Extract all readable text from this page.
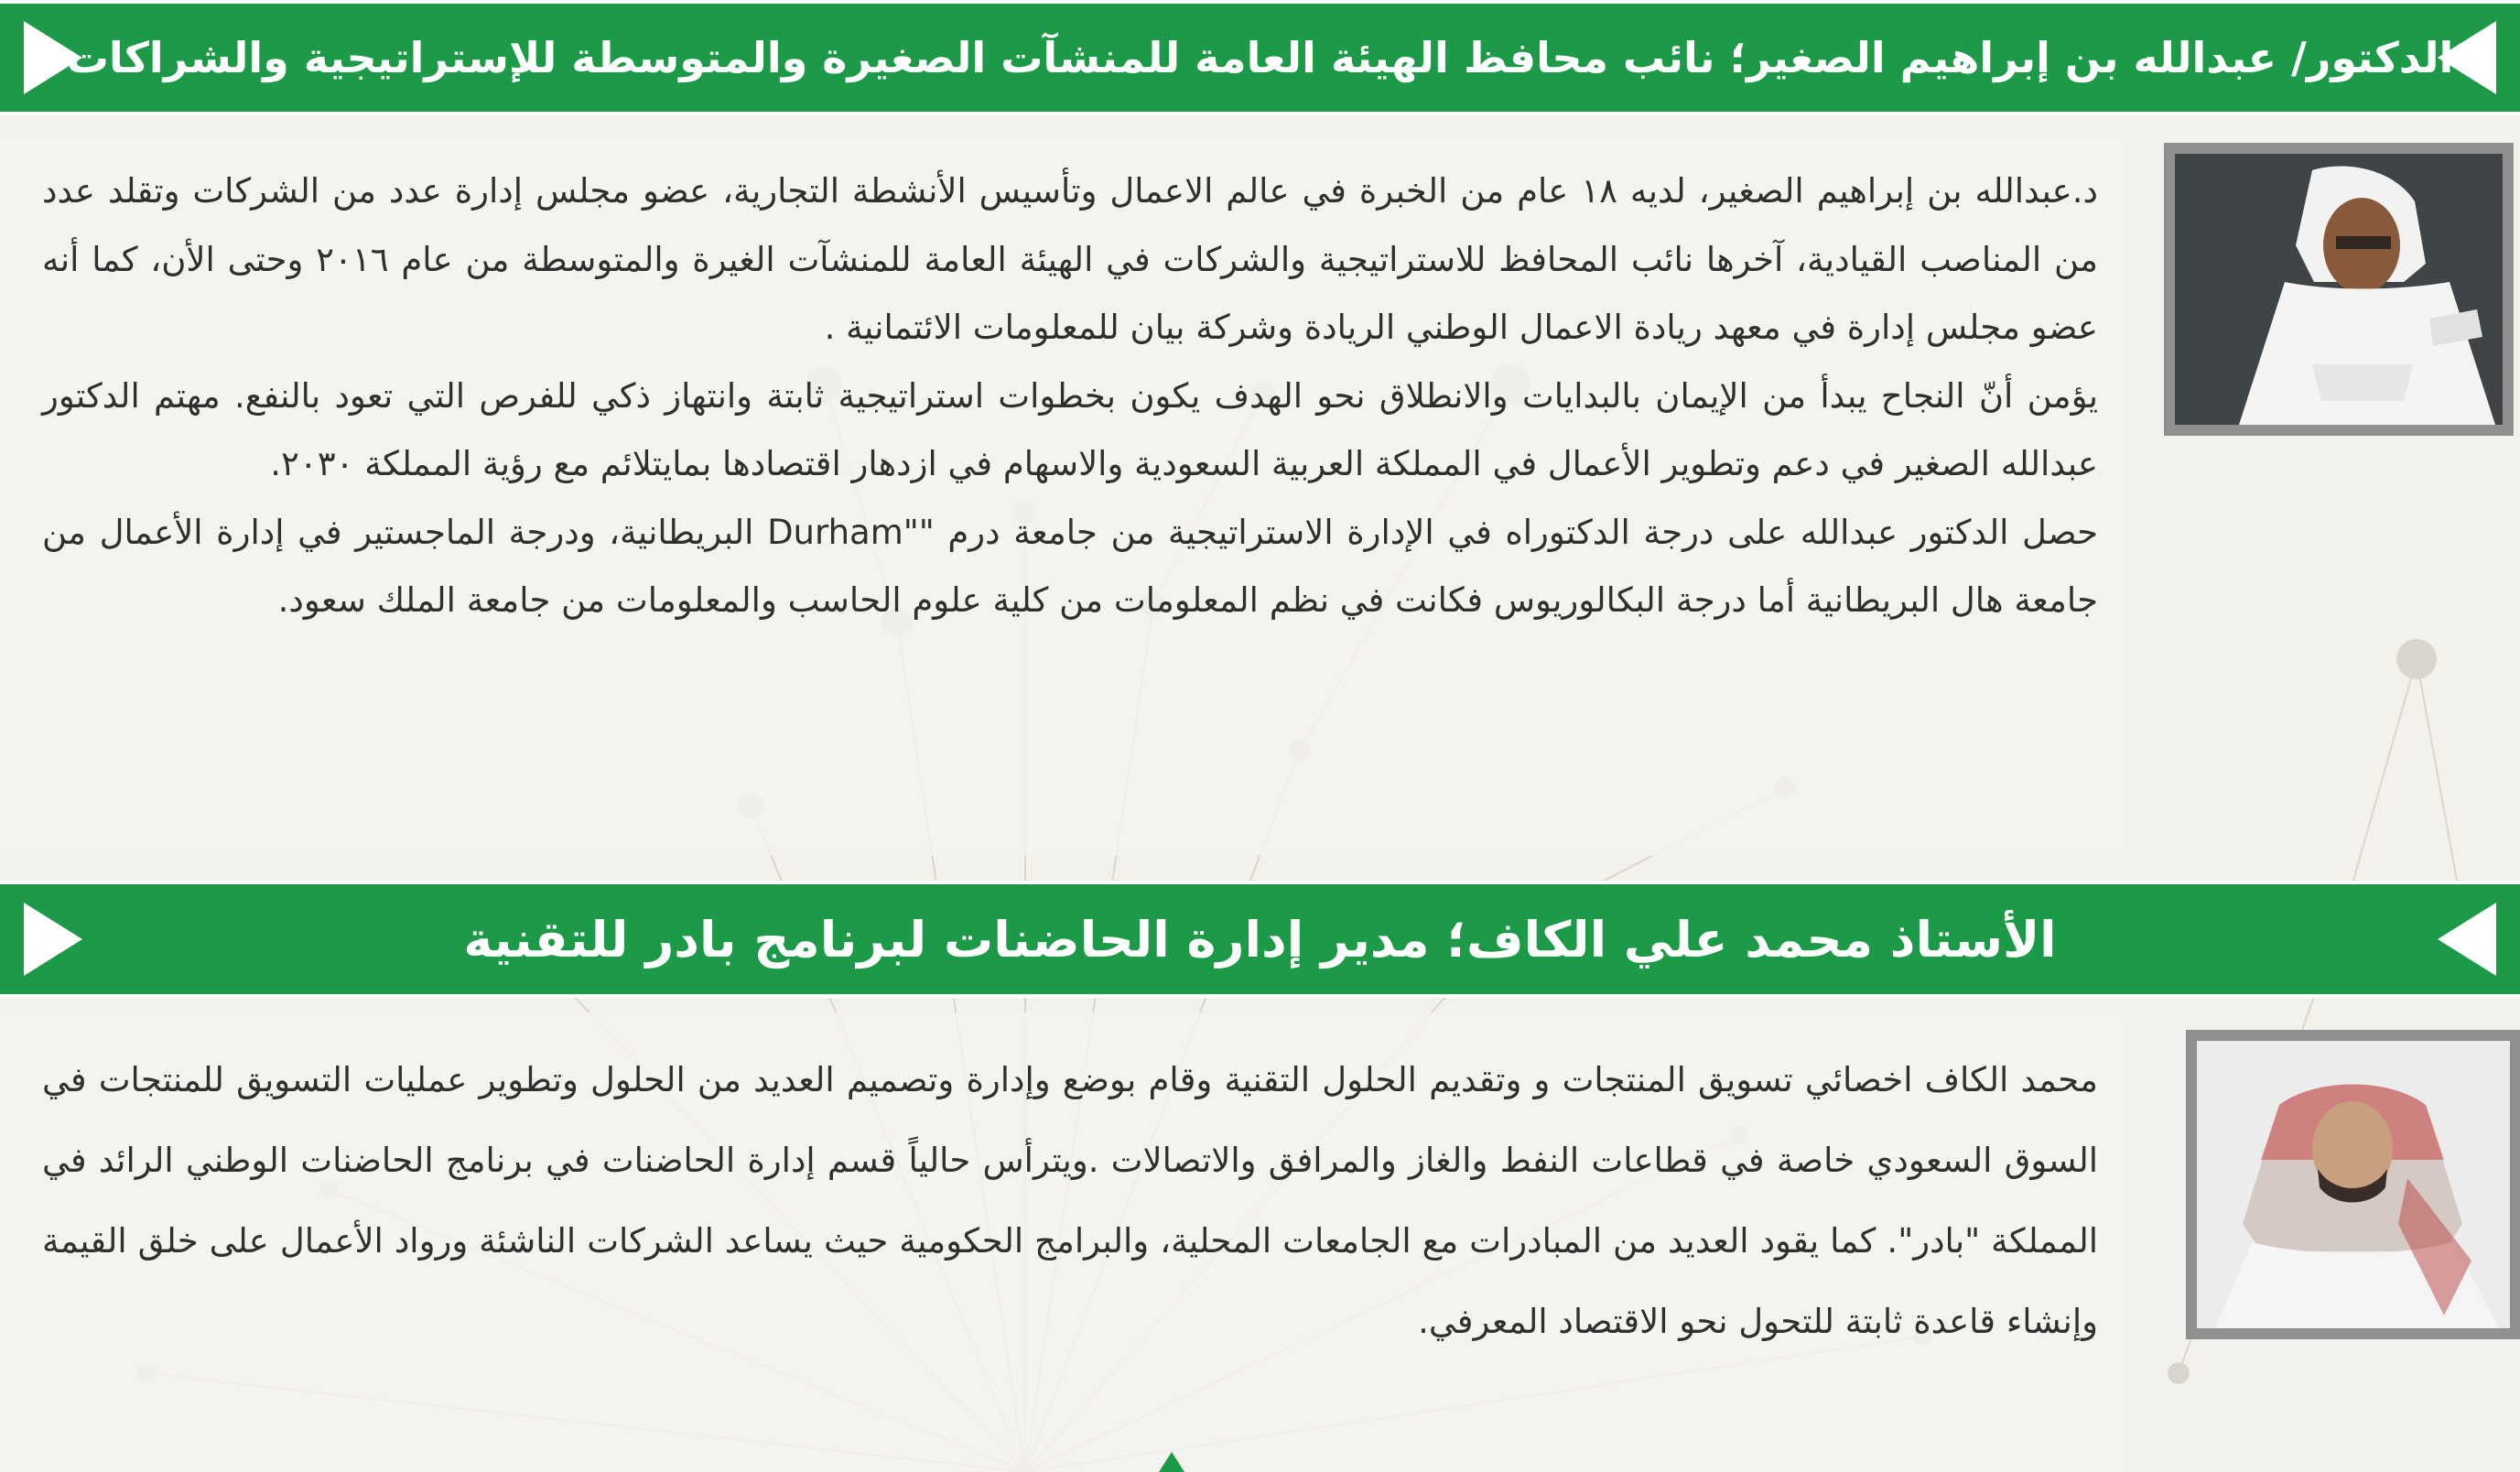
الدكتور/ عبدالله بن إبراهيم الصغير؛ نائب محافظ الهيئة العامة للمنشآت الصغيرة والمتوسطة للإستراتيجية والشراكات

د.عبدالله بن إبراهيم الصغير، لديه ١٨ عام من الخبرة في عالم الاعمال وتأسيس الأنشطة التجارية، عضو مجلس إدارة عدد من الشركات وتقلد عدد من المناصب القيادية، آخرها نائب المحافظ للاستراتيجية والشركات في الهيئة العامة للمنشآت الغيرة والمتوسطة من عام ٢٠١٦ وحتى الأن، كما أنه عضو مجلس إدارة في معهد ريادة الاعمال الوطني الريادة وشركة بيان للمعلومات الائتمانية .

يؤمن أنّ النجاح يبدأ من الإيمان بالبدايات والانطلاق نحو الهدف يكون بخطوات استراتيجية ثابتة وانتهاز ذكي للفرص التي تعود بالنفع. مهتم الدكتور عبدالله الصغير في دعم وتطوير الأعمال في المملكة العربية السعودية والاسهام في ازدهار اقتصادها بمايتلائم مع رؤية المملكة ٢٠٣٠.

حصل الدكتور عبدالله على درجة الدكتوراه في الإدارة الاستراتيجية من جامعة درم ""Durham البريطانية، ودرجة الماجستير في إدارة الأعمال من جامعة هال البريطانية أما درجة البكالوريوس فكانت في نظم المعلومات من كلية علوم الحاسب والمعلومات من جامعة الملك سعود.

الأستاذ محمد علي الكاف؛ مدير إدارة الحاضنات لبرنامج بادر للتقنية

محمد الكاف اخصائي تسويق المنتجات و وتقديم الحلول التقنية وقام بوضع وإدارة وتصميم العديد من الحلول وتطوير عمليات التسويق للمنتجات في السوق السعودي خاصة في قطاعات النفط والغاز والمرافق والاتصالات .ويترأس حالياً قسم إدارة الحاضنات في برنامج الحاضنات الوطني الرائد في المملكة "بادر". كما يقود العديد من المبادرات مع الجامعات المحلية، والبرامج الحكومية حيث يساعد الشركات الناشئة ورواد الأعمال على خلق القيمة وإنشاء قاعدة ثابتة للتحول نحو الاقتصاد المعرفي.
